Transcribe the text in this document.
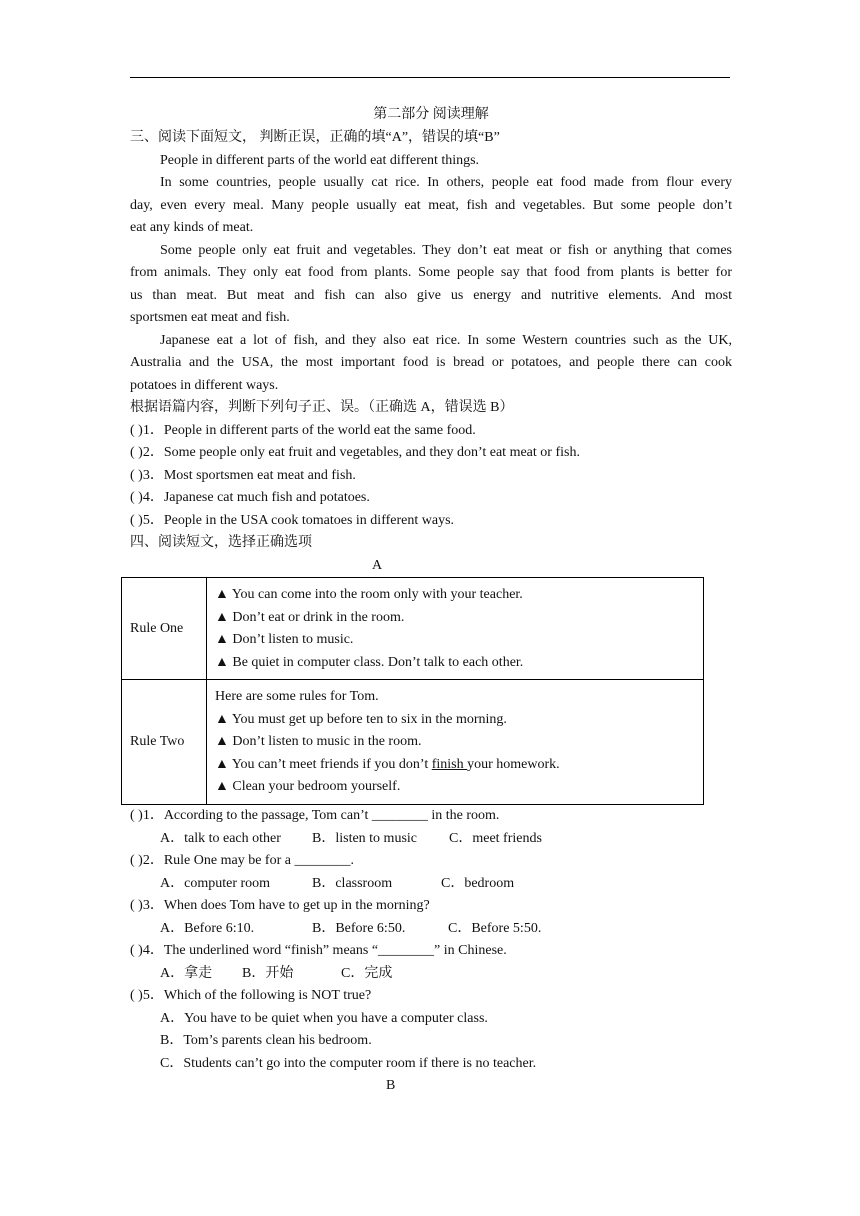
第二部分 阅读理解
三、阅读下面短文， 判断正误，正确的填“A”，错误的填“B”
People in different parts of the world eat different things.
In some countries, people usually cat rice. In others, people eat food made from flour every
day, even every meal. Many people usually eat meat, fish and vegetables. But some people don’t
eat any kinds of meat.
Some people only eat fruit and vegetables. They don’t eat meat or fish or anything that comes
from animals. They only eat food from plants. Some people say that food from plants is better for
us than meat. But meat and fish can also give us energy and nutritive elements. And most
sportsmen eat meat and fish.
Japanese eat a lot of fish, and they also eat rice. In some Western countries such as the UK,
Australia and the USA, the most important food is bread or potatoes, and people there can cook
potatoes in different ways.
根据语篇内容，判断下列句子正、误。（正确选 A，错误选 B）
( )1．People in different parts of the world eat the same food.
( )2．Some people only eat fruit and vegetables, and they don’t eat meat or fish.
( )3．Most sportsmen eat meat and fish.
( )4．Japanese cat much fish and potatoes.
( )5．People in the USA cook tomatoes in different ways.
四、阅读短文，选择正确选项
A
Rule One	▲ You can come into the room only with your teacher.
▲ Don’t eat or drink in the room.
▲ Don’t listen to music.
▲ Be quiet in computer class. Don’t talk to each other.

Rule Two	Here are some rules for Tom.
▲ You must get up before ten to six in the morning.
▲ Don’t listen to music in the room.
▲ You can’t meet friends if you don’t finish your homework.
▲ Clean your bedroom yourself.
( )1．According to the passage, Tom can’t ________ in the room.
A．talk to each other B．listen to music C．meet friends
( )2．Rule One may be for a ________.
A．computer room	B．classroom	C．bedroom
( )3．When does Tom have to get up in the morning?
A．Before 6:10.	B．Before 6:50.	C．Before 5:50.
( )4．The underlined word “finish” means “________” in Chinese.
A．拿走 B．开始	C．完成
( )5．Which of the following is NOT true?
A．You have to be quiet when you have a computer class.
B．Tom’s parents clean his bedroom.
C．Students can’t go into the computer room if there is no teacher.
B
